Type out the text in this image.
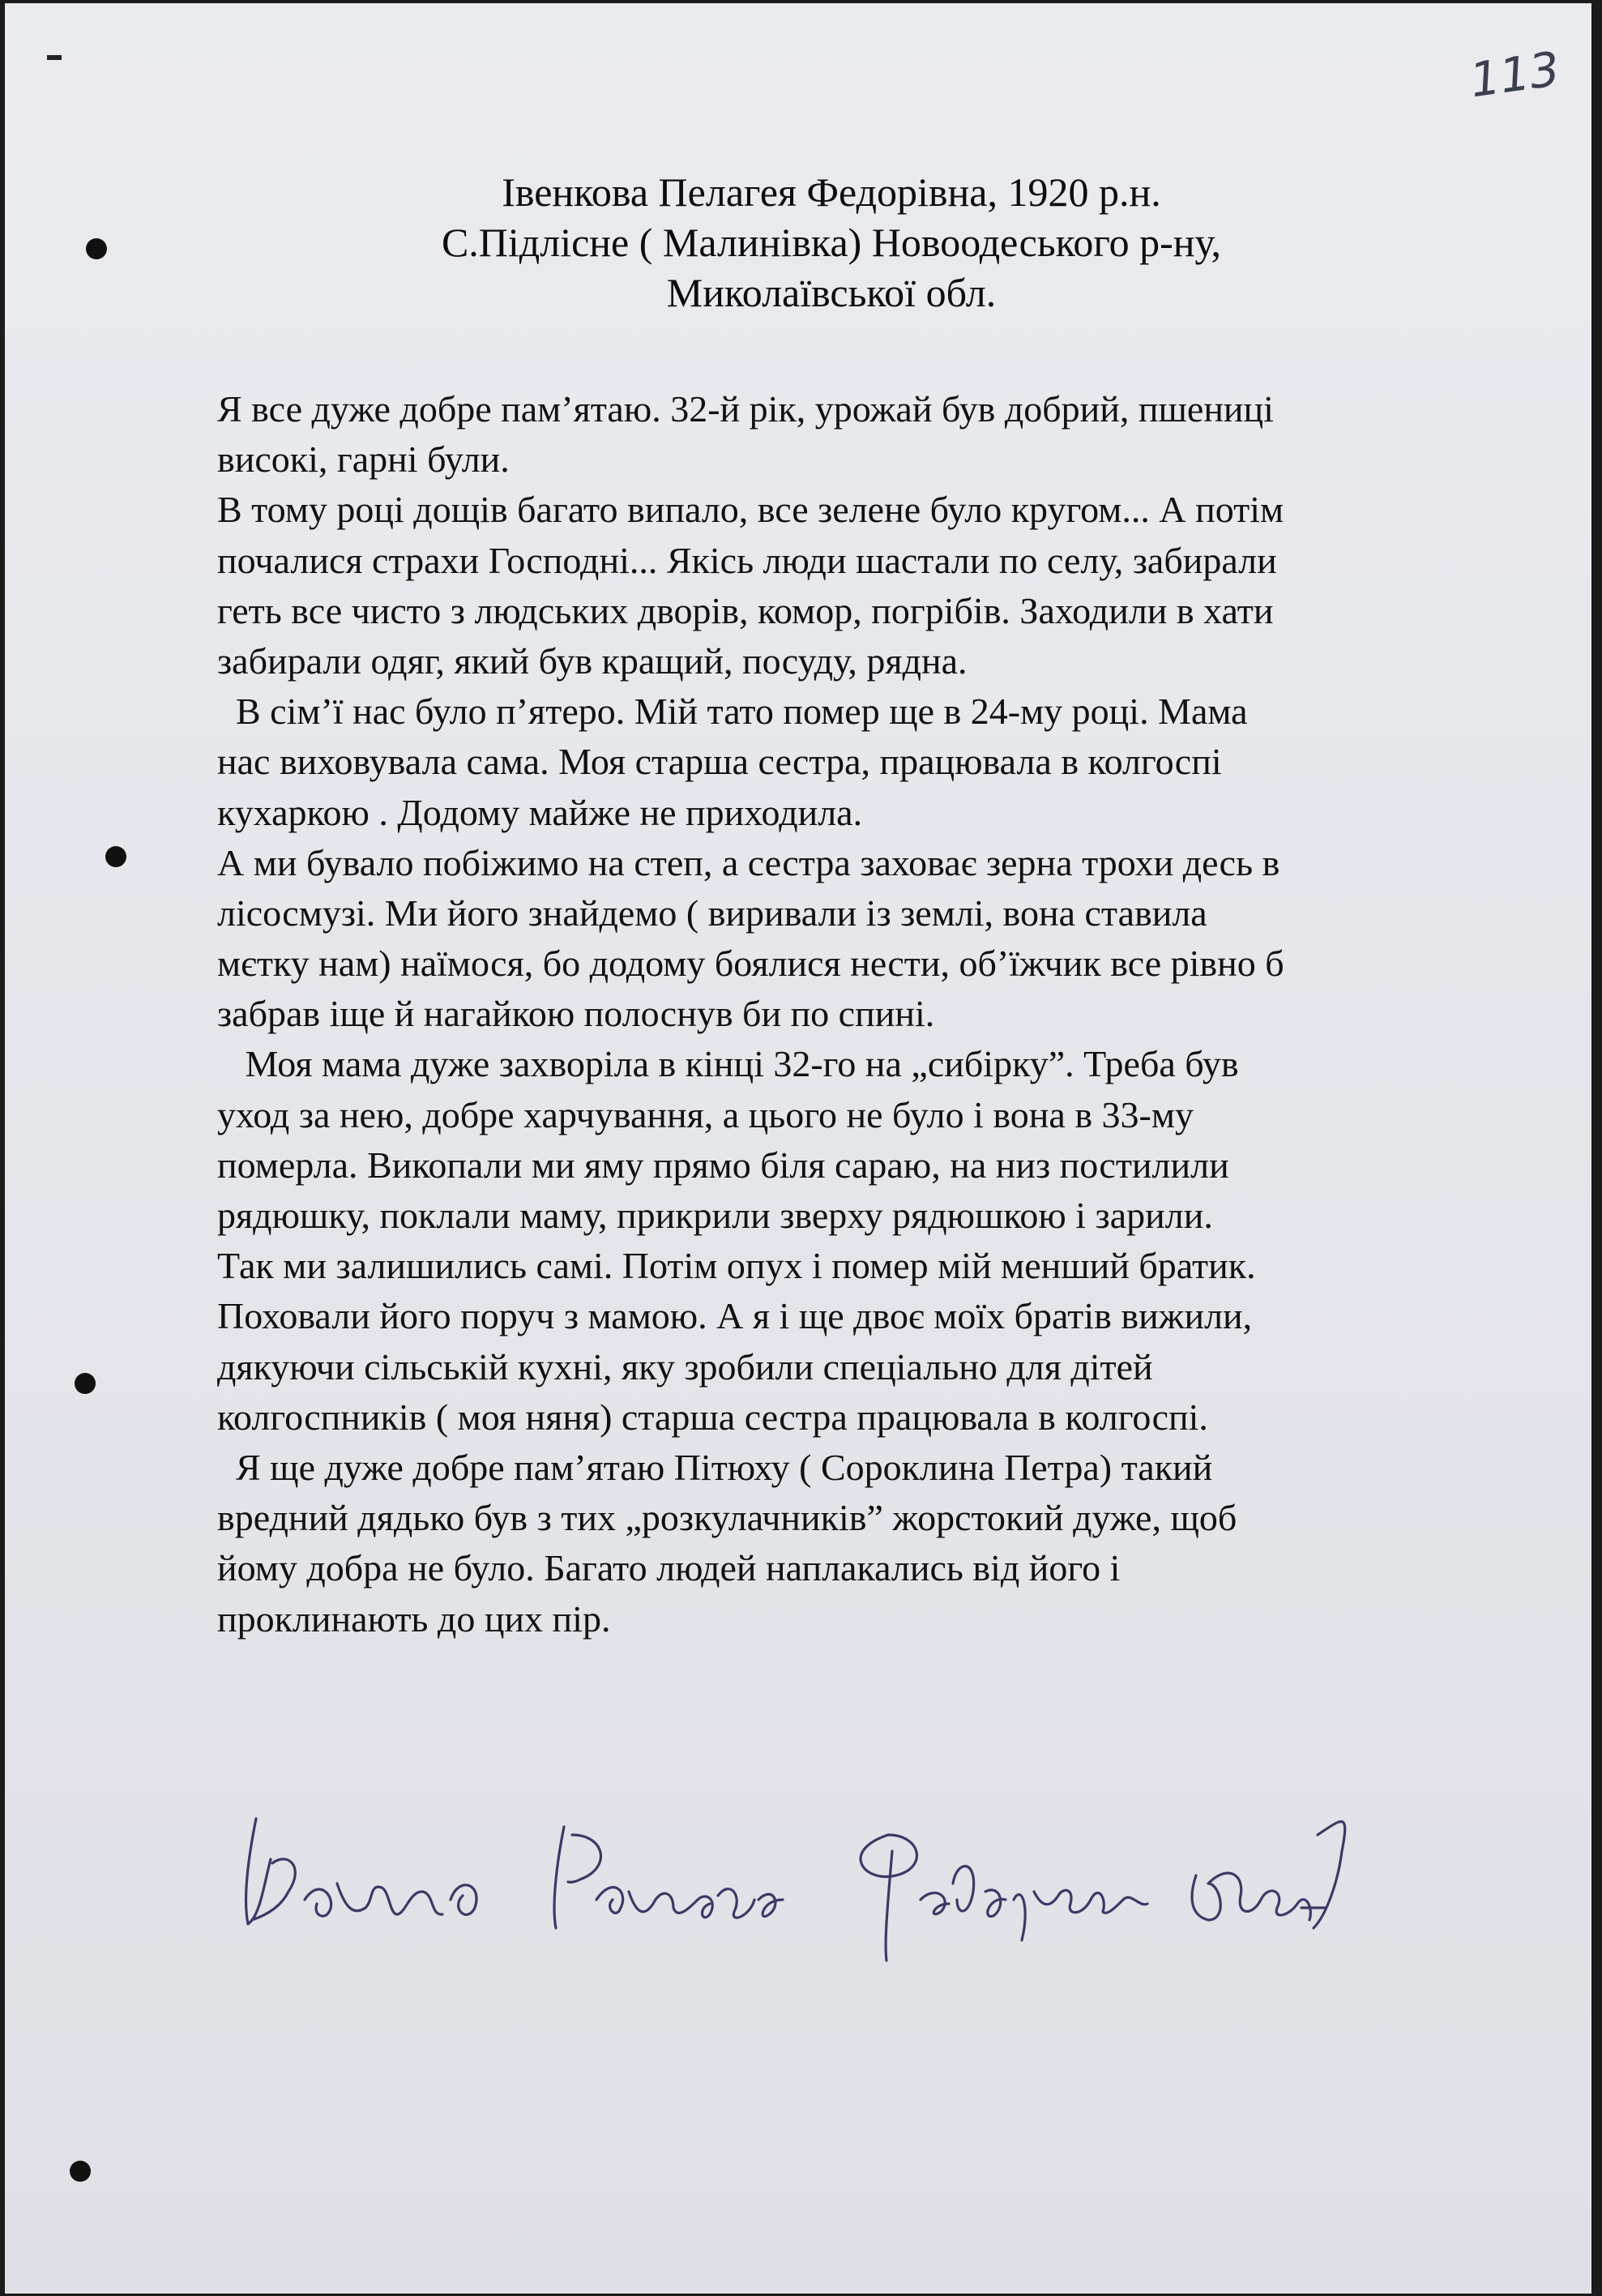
113
Івенкова Пелагея Федорівна, 1920 р.н.
С.Підлісне ( Малинівка) Новоодеського р-ну,
Миколаївської обл.
Я все дуже добре пам’ятаю. 32-й рік, урожай був добрий, пшениці
високі, гарні були.
В тому році дощів багато випало, все зелене було кругом... А потім
почалися страхи Господні... Якісь люди шастали по селу, забирали
геть все чисто з людських дворів, комор, погрібів. Заходили в хати
забирали одяг, який був кращий, посуду, рядна.
В сім’ї нас було п’ятеро. Мій тато помер ще в 24-му році. Мама
нас виховувала сама. Моя старша сестра, працювала в колгоспі
кухаркою . Додому майже не приходила.
А ми бувало побіжимо на степ, а сестра заховає зерна трохи десь в
лісосмузі. Ми його знайдемо ( виривали із землі, вона ставила
мєтку нам) наїмося, бо додому боялися нести, об’їжчик все рівно б
забрав іще й нагайкою полоснув би по спині.
Моя мама дуже захворіла в кінці 32-го на „сибірку”. Треба був
уход за нею, добре харчування, а цього не було і вона в 33-му
померла. Викопали ми яму прямо біля сараю, на низ постилили
рядюшку, поклали маму, прикрили зверху рядюшкою і зарили.
Так ми залишились самі. Потім опух і помер мій менший братик.
Поховали його поруч з мамою. А я і ще двоє моїх братів вижили,
дякуючи сільській кухні, яку зробили спеціально для дітей
колгоспників ( моя няня) старша сестра працювала в колгоспі.
Я ще дуже добре пам’ятаю Пітюху ( Сороклина Петра) такий
вредний дядько був з тих „розкулачників” жорстокий дуже, щоб
йому добра не було. Багато людей наплакались від його і
проклинають до цих пір.
